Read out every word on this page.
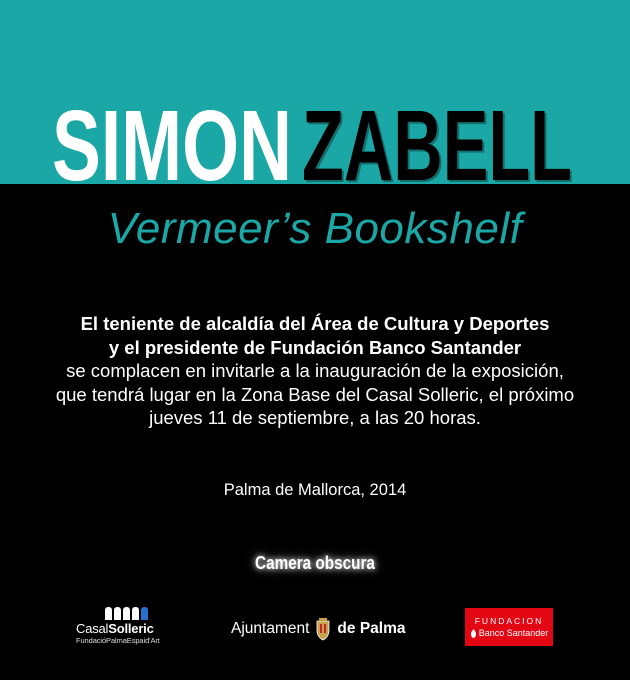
SIMON ZABELL
ZABELL
Vermeer’s Bookshelf
El teniente de alcaldía del Área de Cultura y Deportes
y el presidente de Fundación Banco Santander
se complacen en invitarle a la inauguración de la exposición,
que tendrá lugar en la Zona Base del Casal Solleric, el próximo
jueves 11 de septiembre, a las 20 horas.
Palma de Mallorca, 2014
Camera obscura
CasalSolleric
FundacióPalmaEspaid'Art
Ajuntament de Palma	FUNDACION
Banco Santander
